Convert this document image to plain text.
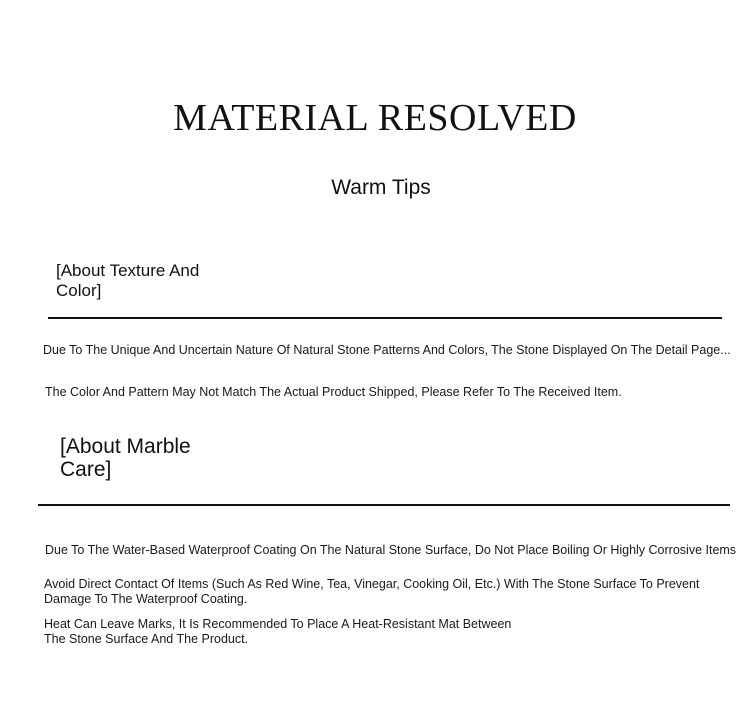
MATERIAL RESOLVED
Warm Tips
[About Texture And Color]
Due To The Unique And Uncertain Nature Of Natural Stone Patterns And Colors, The Stone Displayed On The Detail Page...
The Color And Pattern May Not Match The Actual Product Shipped, Please Refer To The Received Item.
[About Marble Care]
Due To The Water-Based Waterproof Coating On The Natural Stone Surface, Do Not Place Boiling Or Highly Corrosive Items
Avoid Direct Contact Of Items (Such As Red Wine, Tea, Vinegar, Cooking Oil, Etc.) With The Stone Surface To Prevent Damage To The Waterproof Coating.
Heat Can Leave Marks, It Is Recommended To Place A Heat-Resistant Mat Between The Stone Surface And The Product.
